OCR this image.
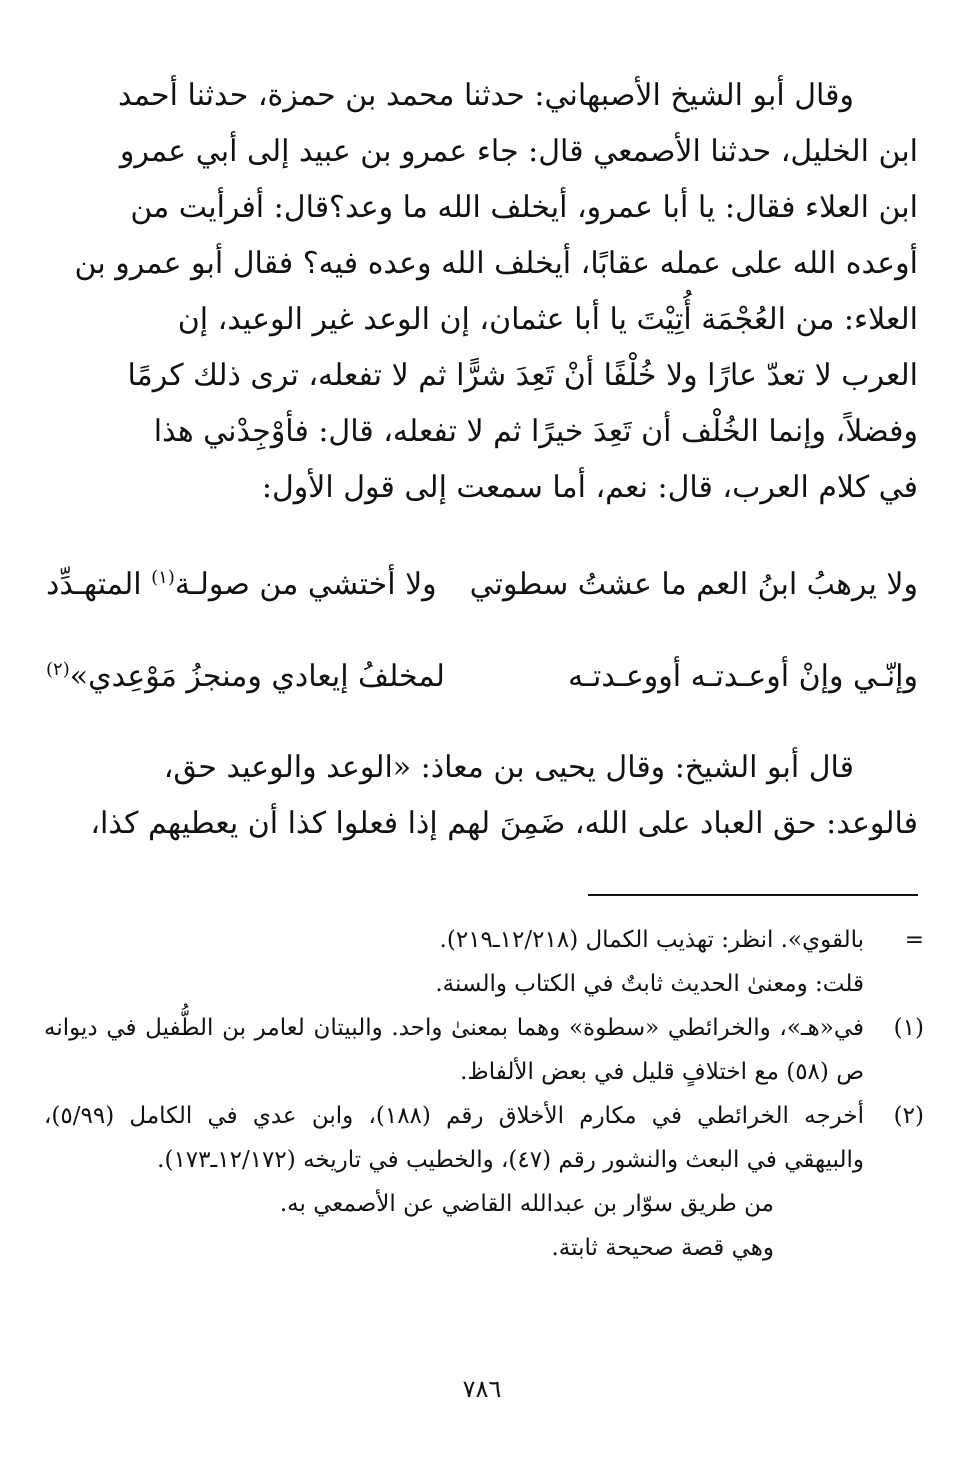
وقال أبو الشيخ الأصبهاني: حدثنا محمد بن حمزة، حدثنا أحمد

ابن الخليل، حدثنا الأصمعي قال: جاء عمرو بن عبيد إلى أبي عمرو

ابن العلاء فقال: يا أبا عمرو، أيخلف الله ما وعد؟قال: أفرأيت من

أوعده الله على عمله عقابًا، أيخلف الله وعده فيه؟ فقال أبو عمرو بن

العلاء: من العُجْمَة أُتِيْتَ يا أبا عثمان، إن الوعد غير الوعيد، إن

العرب لا تعدّ عارًا ولا خُلْفًا أنْ تَعِدَ شرًّا ثم لا تفعله، ترى ذلك كرمًا

وفضلاً، وإنما الخُلْف أن تَعِدَ خيرًا ثم لا تفعله، قال: فأوْجِدْني هذا

في كلام العرب، قال: نعم، أما سمعت إلى قول الأول:

ولا يرهبُ ابنُ العم ما عشتُ سطوتي
ولا أختشي من صولـة$^{(١)}$ المتهـدِّد
وإنّـي وإنْ أوعـدتـه أووعـدتـه
لمخلفُ إيعادي ومنجزُ مَوْعِدي»$^{(٢)}$

قال أبو الشيخ: وقال يحيى بن معاذ: «الوعد والوعيد حق،

فالوعد: حق العباد على الله، ضَمِنَ لهم إذا فعلوا كذا أن يعطيهم كذا،

=
بالقوي». انظر: تهذيب الكمال (١٢/٢١٨ـ٢١٩).
قلت: ومعنىٰ الحديث ثابتٌ في الكتاب والسنة.
(١)
في«هـ»، والخرائطي «سطوة» وهما بمعنىٰ واحد. والبيتان لعامر بن الطُّفيل في ديوانه ص (٥٨) مع اختلافٍ قليل في بعض الألفاظ.
(٢)
أخرجه الخرائطي في مكارم الأخلاق رقم (١٨٨)، وابن عدي في الكامل (٥/٩٩)، والبيهقي في البعث والنشور رقم (٤٧)، والخطيب في تاريخه (١٢/١٧٢ـ١٧٣).
من طريق سوّار بن عبدالله القاضي عن الأصمعي به.
وهي قصة صحيحة ثابتة.
٧٨٦
